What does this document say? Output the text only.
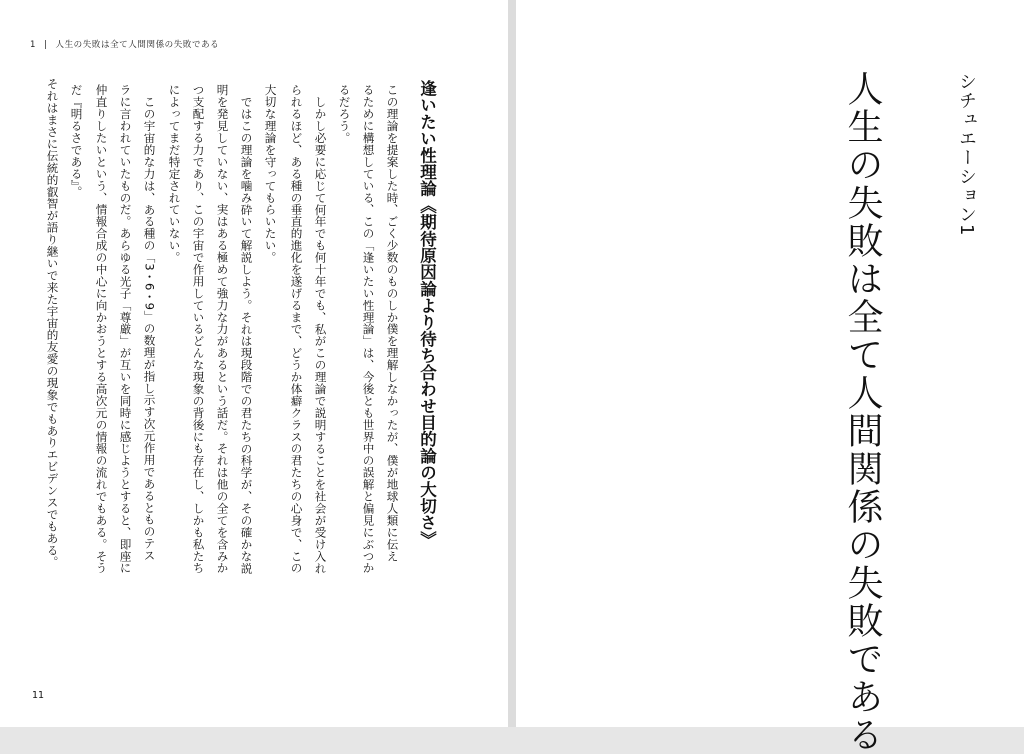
1 | 人生の失敗は全て人間関係の失敗である
逢いたい性理論《期待原因論より待ち合わせ目的論の大切さ》
この理論を提案した時、ごく少数のものしか僕を理解しなかったが、僕が地球人類に伝え
るために構想している、この「逢いたい性理論」は、今後とも世界中の誤解と偏見にぶつか
るだろう。
しかし必要に応じて何年でも何十年でも、私がこの理論で説明することを社会が受け入れ
られるほど、ある種の垂直的進化を遂げるまで、どうか体癖クラスの君たちの心身で、この
大切な理論を守ってもらいたい。
ではこの理論を噛み砕いて解説しよう。それは現段階での君たちの科学が、その確かな説
明を発見していない、実はある極めて強力な力があるという話だ。それは他の全てを含みか
つ支配する力であり、この宇宙で作用しているどんな現象の背後にも存在し、しかも私たち
によってまだ特定されていない。
この宇宙的な力は、ある種の「3・6・9」の数理が指し示す次元作用であるとものテス
ラに言われていたものだ。あらゆる光子「尊厳」が互いを同時に感じようとすると、即座に
仲直りしたいという、情報合成の中心に向かおうとする高次元の情報の流れでもある。そう
だ『明るさである』。
それはまさに伝統的叡智が語り継いで来た宇宙的友愛の現象でもありエビデンスでもある。
11
シチュエーション1
人生の失敗は全て人間関係の失敗である
